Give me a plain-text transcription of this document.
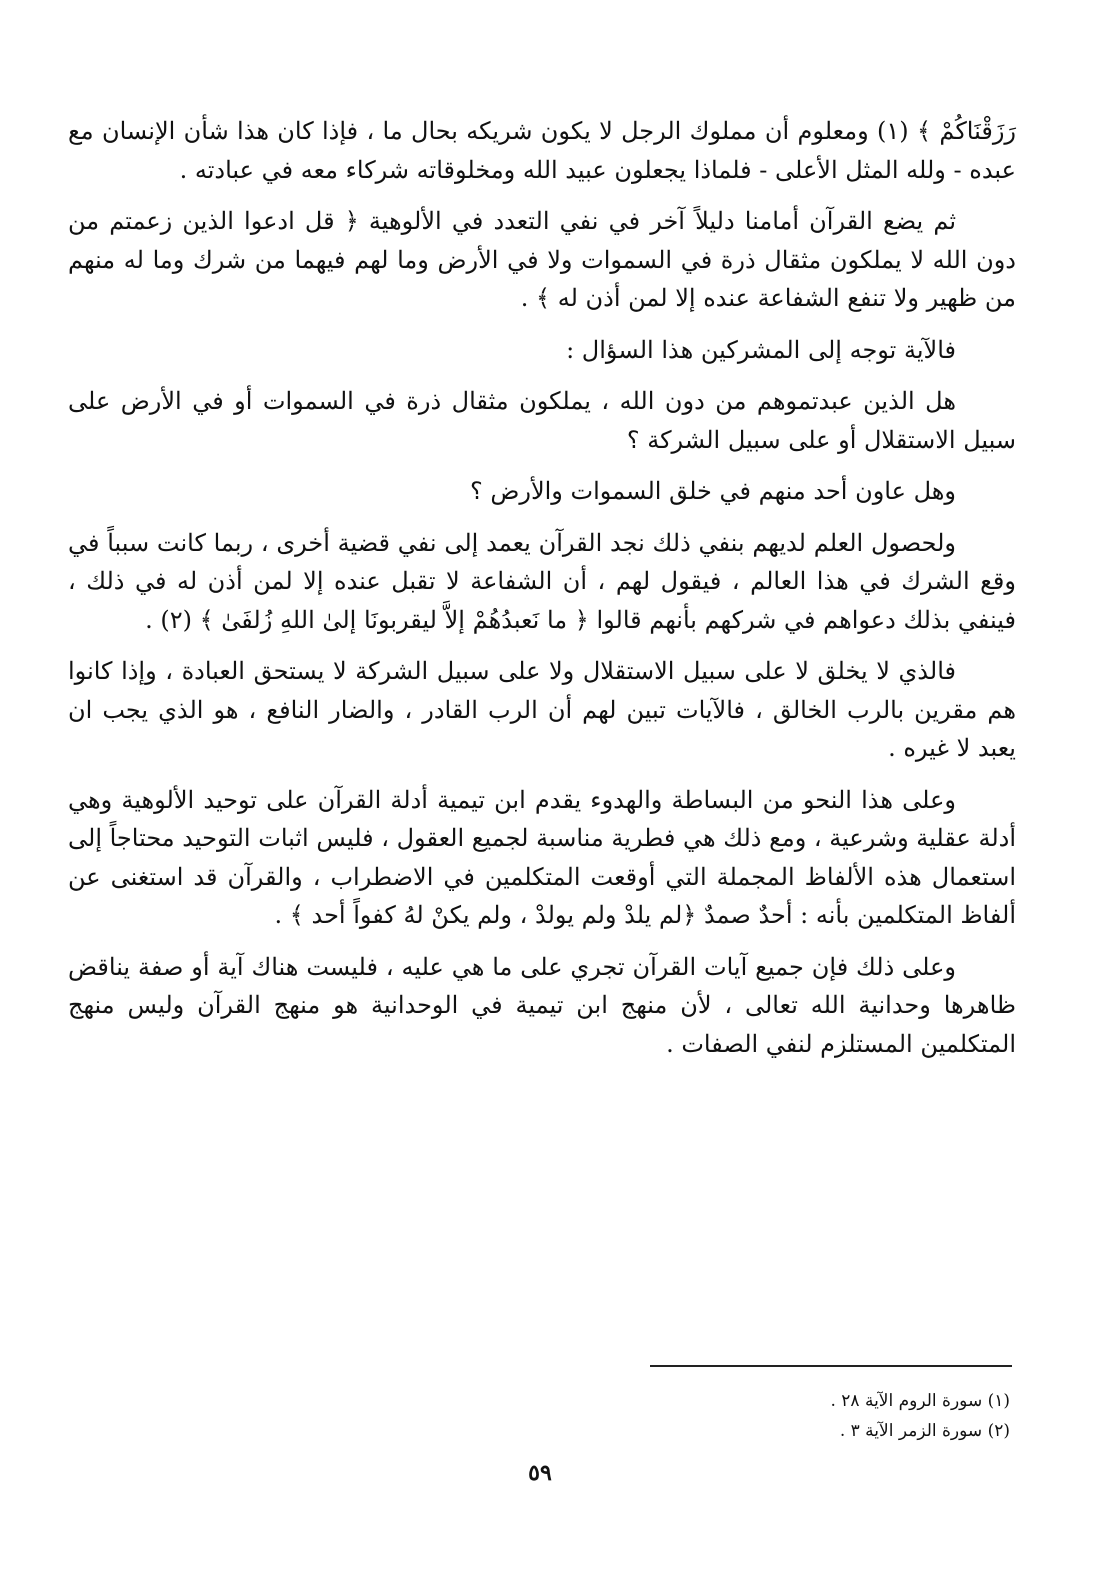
رَزَقْنَاكُمْ ﴾ (١) ومعلوم أن مملوك الرجل لا يكون شريكه بحال ما ، فإذا كان هذا شأن الإنسان مع عبده - ولله المثل الأعلى - فلماذا يجعلون عبيد الله ومخلوقاته شركاء معه في عبادته .

ثم يضع القرآن أمامنا دليلاً آخر في نفي التعدد في الألوهية ﴿ قل ادعوا الذين زعمتم من دون الله لا يملكون مثقال ذرة في السموات ولا في الأرض وما لهم فيهما من شرك وما له منهم من ظهير ولا تنفع الشفاعة عنده إلا لمن أذن له ﴾ .

فالآية توجه إلى المشركين هذا السؤال :

هل الذين عبدتموهم من دون الله ، يملكون مثقال ذرة في السموات أو في الأرض على سبيل الاستقلال أو على سبيل الشركة ؟

وهل عاون أحد منهم في خلق السموات والأرض ؟

ولحصول العلم لديهم بنفي ذلك نجد القرآن يعمد إلى نفي قضية أخرى ، ربما كانت سبباً في وقع الشرك في هذا العالم ، فيقول لهم ، أن الشفاعة لا تقبل عنده إلا لمن أذن له في ذلك ، فينفي بذلك دعواهم في شركهم بأنهم قالوا ﴿ ما نَعبدُهُمْ إلاَّ ليقربونَا إلىٰ اللهِ زُلفَىٰ ﴾ (٢) .

فالذي لا يخلق لا على سبيل الاستقلال ولا على سبيل الشركة لا يستحق العبادة ، وإذا كانوا هم مقرين بالرب الخالق ، فالآيات تبين لهم أن الرب القادر ، والضار النافع ، هو الذي يجب ان يعبد لا غيره .

وعلى هذا النحو من البساطة والهدوء يقدم ابن تيمية أدلة القرآن على توحيد الألوهية وهي أدلة عقلية وشرعية ، ومع ذلك هي فطرية مناسبة لجميع العقول ، فليس اثبات التوحيد محتاجاً إلى استعمال هذه الألفاظ المجملة التي أوقعت المتكلمين في الاضطراب ، والقرآن قد استغنى عن ألفاظ المتكلمين بأنه : أحدٌ صمدٌ ﴿لم يلدْ ولم يولدْ ، ولم يكنْ لهُ كفواً أحد ﴾ .

وعلى ذلك فإن جميع آيات القرآن تجري على ما هي عليه ، فليست هناك آية أو صفة يناقض ظاهرها وحدانية الله تعالى ، لأن منهج ابن تيمية في الوحدانية هو منهج القرآن وليس منهج المتكلمين المستلزم لنفي الصفات .

(١) سورة الروم الآية ٢٨ .

(٢) سورة الزمر الآية ٣ .

٥٩
